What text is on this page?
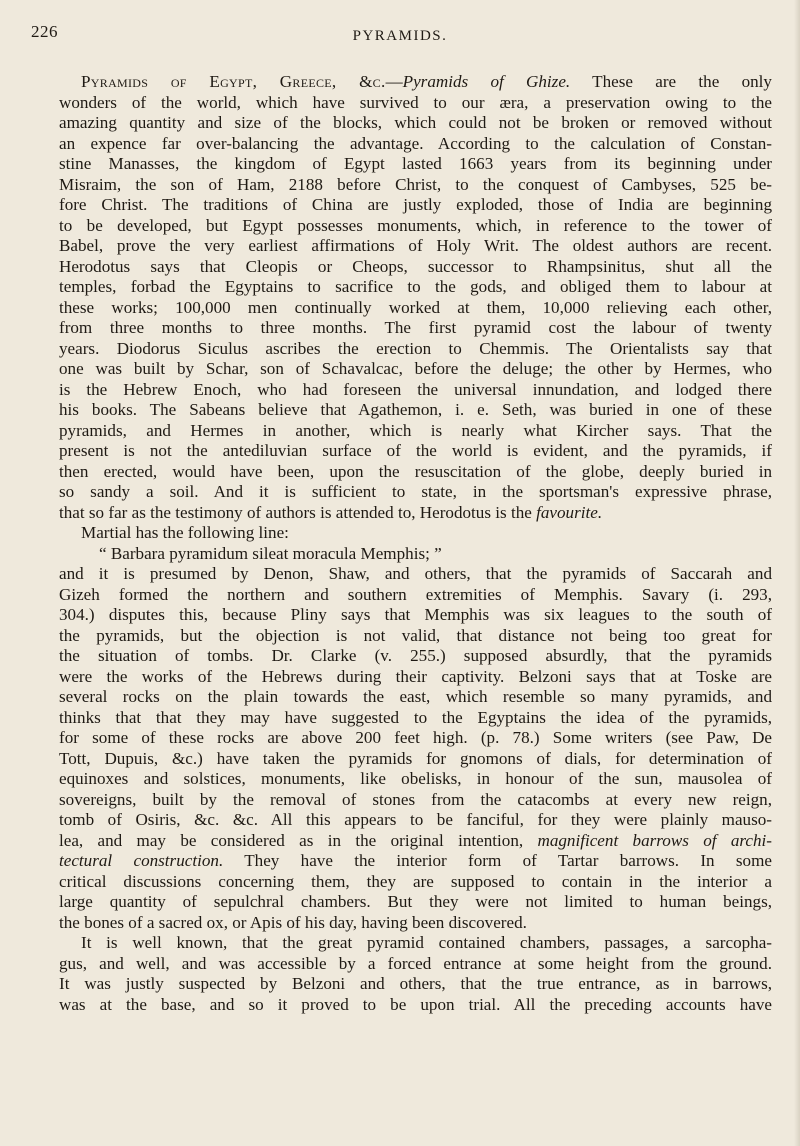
226	PYRAMIDS.
Pyramids of Egypt, Greece, &c.—Pyramids of Ghize. These are the only
wonders of the world, which have survived to our æra, a preservation owing to the
amazing quantity and size of the blocks, which could not be broken or removed without
an expence far over-balancing the advantage. According to the calculation of Constan-
stine Manasses, the kingdom of Egypt lasted 1663 years from its beginning under
Misraim, the son of Ham, 2188 before Christ, to the conquest of Cambyses, 525 be-
fore Christ. The traditions of China are justly exploded, those of India are beginning
to be developed, but Egypt possesses monuments, which, in reference to the tower of
Babel, prove the very earliest affirmations of Holy Writ. The oldest authors are recent.
Herodotus says that Cleopis or Cheops, successor to Rhampsinitus, shut all the
temples, forbad the Egyptains to sacrifice to the gods, and obliged them to labour at
these works; 100,000 men continually worked at them, 10,000 relieving each other,
from three months to three months. The first pyramid cost the labour of twenty
years. Diodorus Siculus ascribes the erection to Chemmis. The Orientalists say that
one was built by Schar, son of Schavalcac, before the deluge; the other by Hermes, who
is the Hebrew Enoch, who had foreseen the universal innundation, and lodged there
his books. The Sabeans believe that Agathemon, i. e. Seth, was buried in one of these
pyramids, and Hermes in another, which is nearly what Kircher says. That the
present is not the antediluvian surface of the world is evident, and the pyramids, if
then erected, would have been, upon the resuscitation of the globe, deeply buried in
so sandy a soil. And it is sufficient to state, in the sportsman's expressive phrase,
that so far as the testimony of authors is attended to, Herodotus is the favourite.
Martial has the following line:
“ Barbara pyramidum sileat moracula Memphis; ”
and it is presumed by Denon, Shaw, and others, that the pyramids of Saccarah and
Gizeh formed the northern and southern extremities of Memphis. Savary (i. 293,
304.) disputes this, because Pliny says that Memphis was six leagues to the south of
the pyramids, but the objection is not valid, that distance not being too great for
the situation of tombs. Dr. Clarke (v. 255.) supposed absurdly, that the pyramids
were the works of the Hebrews during their captivity. Belzoni says that at Toske are
several rocks on the plain towards the east, which resemble so many pyramids, and
thinks that that they may have suggested to the Egyptains the idea of the pyramids,
for some of these rocks are above 200 feet high. (p. 78.) Some writers (see Paw, De
Tott, Dupuis, &c.) have taken the pyramids for gnomons of dials, for determination of
equinoxes and solstices, monuments, like obelisks, in honour of the sun, mausolea of
sovereigns, built by the removal of stones from the catacombs at every new reign,
tomb of Osiris, &c. &c. All this appears to be fanciful, for they were plainly mauso-
lea, and may be considered as in the original intention, magnificent barrows of archi-
tectural construction. They have the interior form of Tartar barrows. In some
critical discussions concerning them, they are supposed to contain in the interior a
large quantity of sepulchral chambers. But they were not limited to human beings,
the bones of a sacred ox, or Apis of his day, having been discovered.
It is well known, that the great pyramid contained chambers, passages, a sarcopha-
gus, and well, and was accessible by a forced entrance at some height from the ground.
It was justly suspected by Belzoni and others, that the true entrance, as in barrows,
was at the base, and so it proved to be upon trial. All the preceding accounts have
